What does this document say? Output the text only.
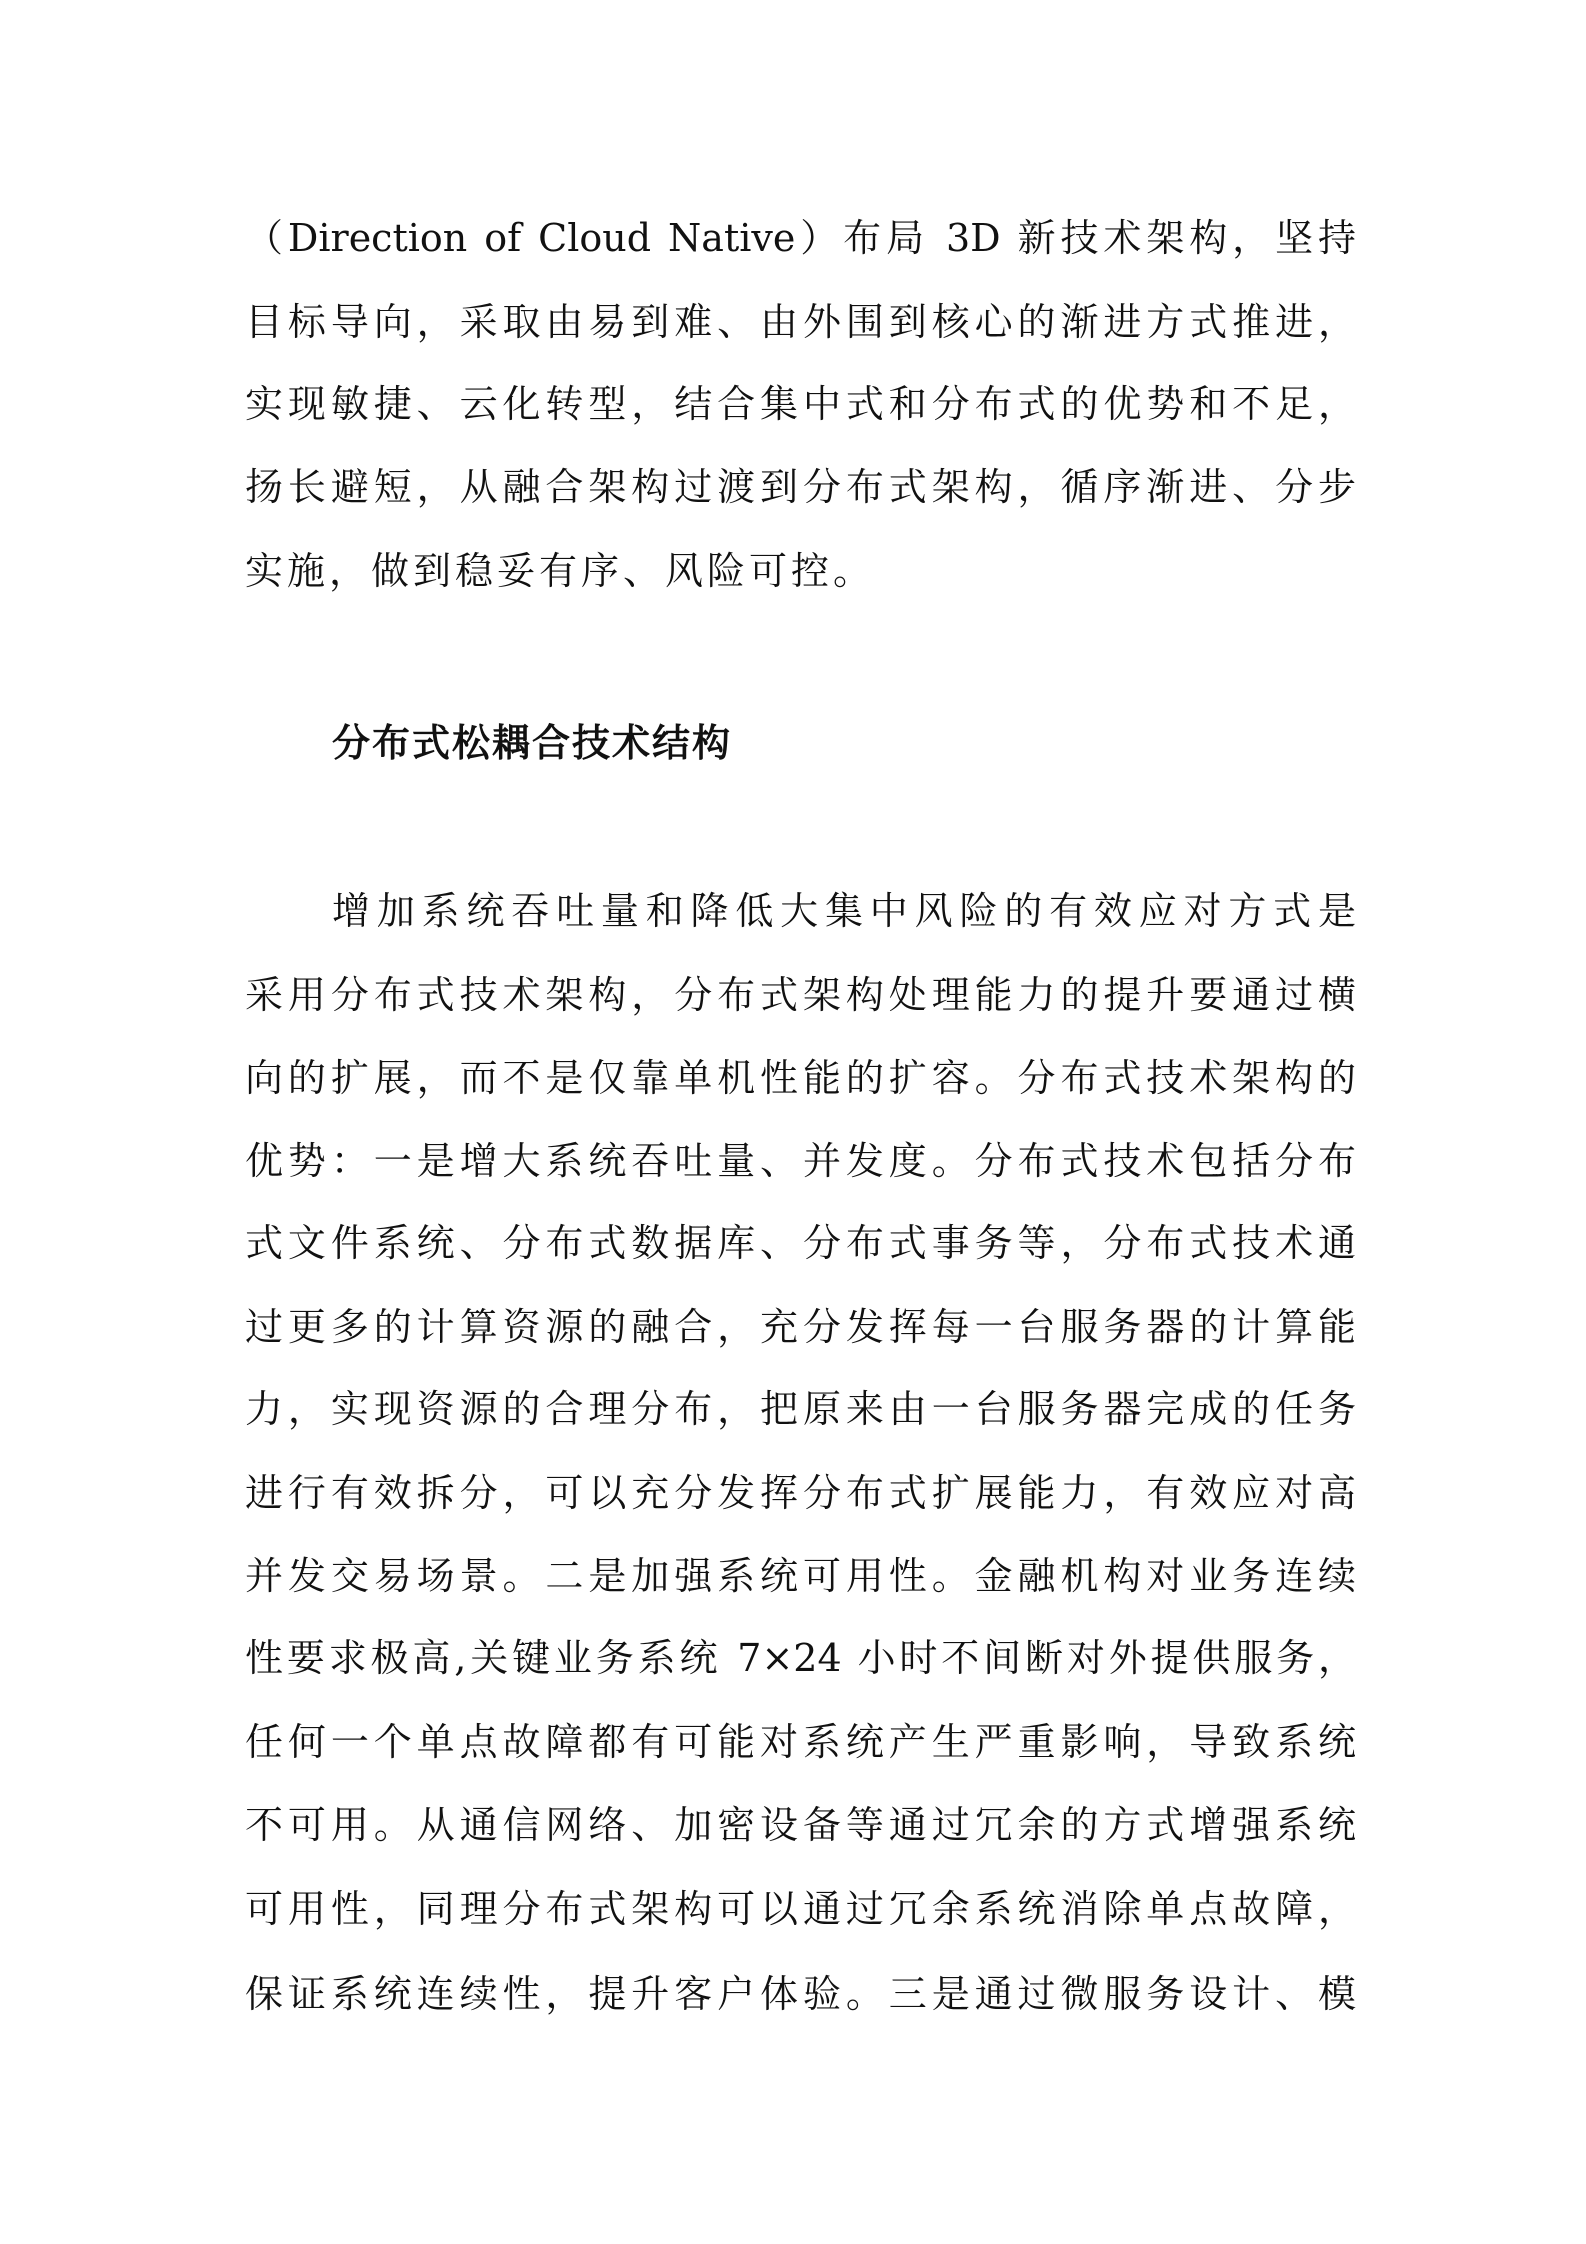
（Direction of Cloud Native）布局 3D 新技术架构，坚持
目标导向，采取由易到难、由外围到核心的渐进方式推进，
实现敏捷、云化转型，结合集中式和分布式的优势和不足，
扬长避短，从融合架构过渡到分布式架构，循序渐进、分步
实施，做到稳妥有序、风险可控。
分布式松耦合技术结构
增加系统吞吐量和降低大集中风险的有效应对方式是
采用分布式技术架构，分布式架构处理能力的提升要通过横
向的扩展，而不是仅靠单机性能的扩容。分布式技术架构的
优势：一是增大系统吞吐量、并发度。分布式技术包括分布
式文件系统、分布式数据库、分布式事务等，分布式技术通
过更多的计算资源的融合，充分发挥每一台服务器的计算能
力，实现资源的合理分布，把原来由一台服务器完成的任务
进行有效拆分，可以充分发挥分布式扩展能力，有效应对高
并发交易场景。二是加强系统可用性。金融机构对业务连续
性要求极高,关键业务系统 7×24 小时不间断对外提供服务，
任何一个单点故障都有可能对系统产生严重影响，导致系统
不可用。从通信网络、加密设备等通过冗余的方式增强系统
可用性，同理分布式架构可以通过冗余系统消除单点故障，
保证系统连续性，提升客户体验。三是通过微服务设计、模
